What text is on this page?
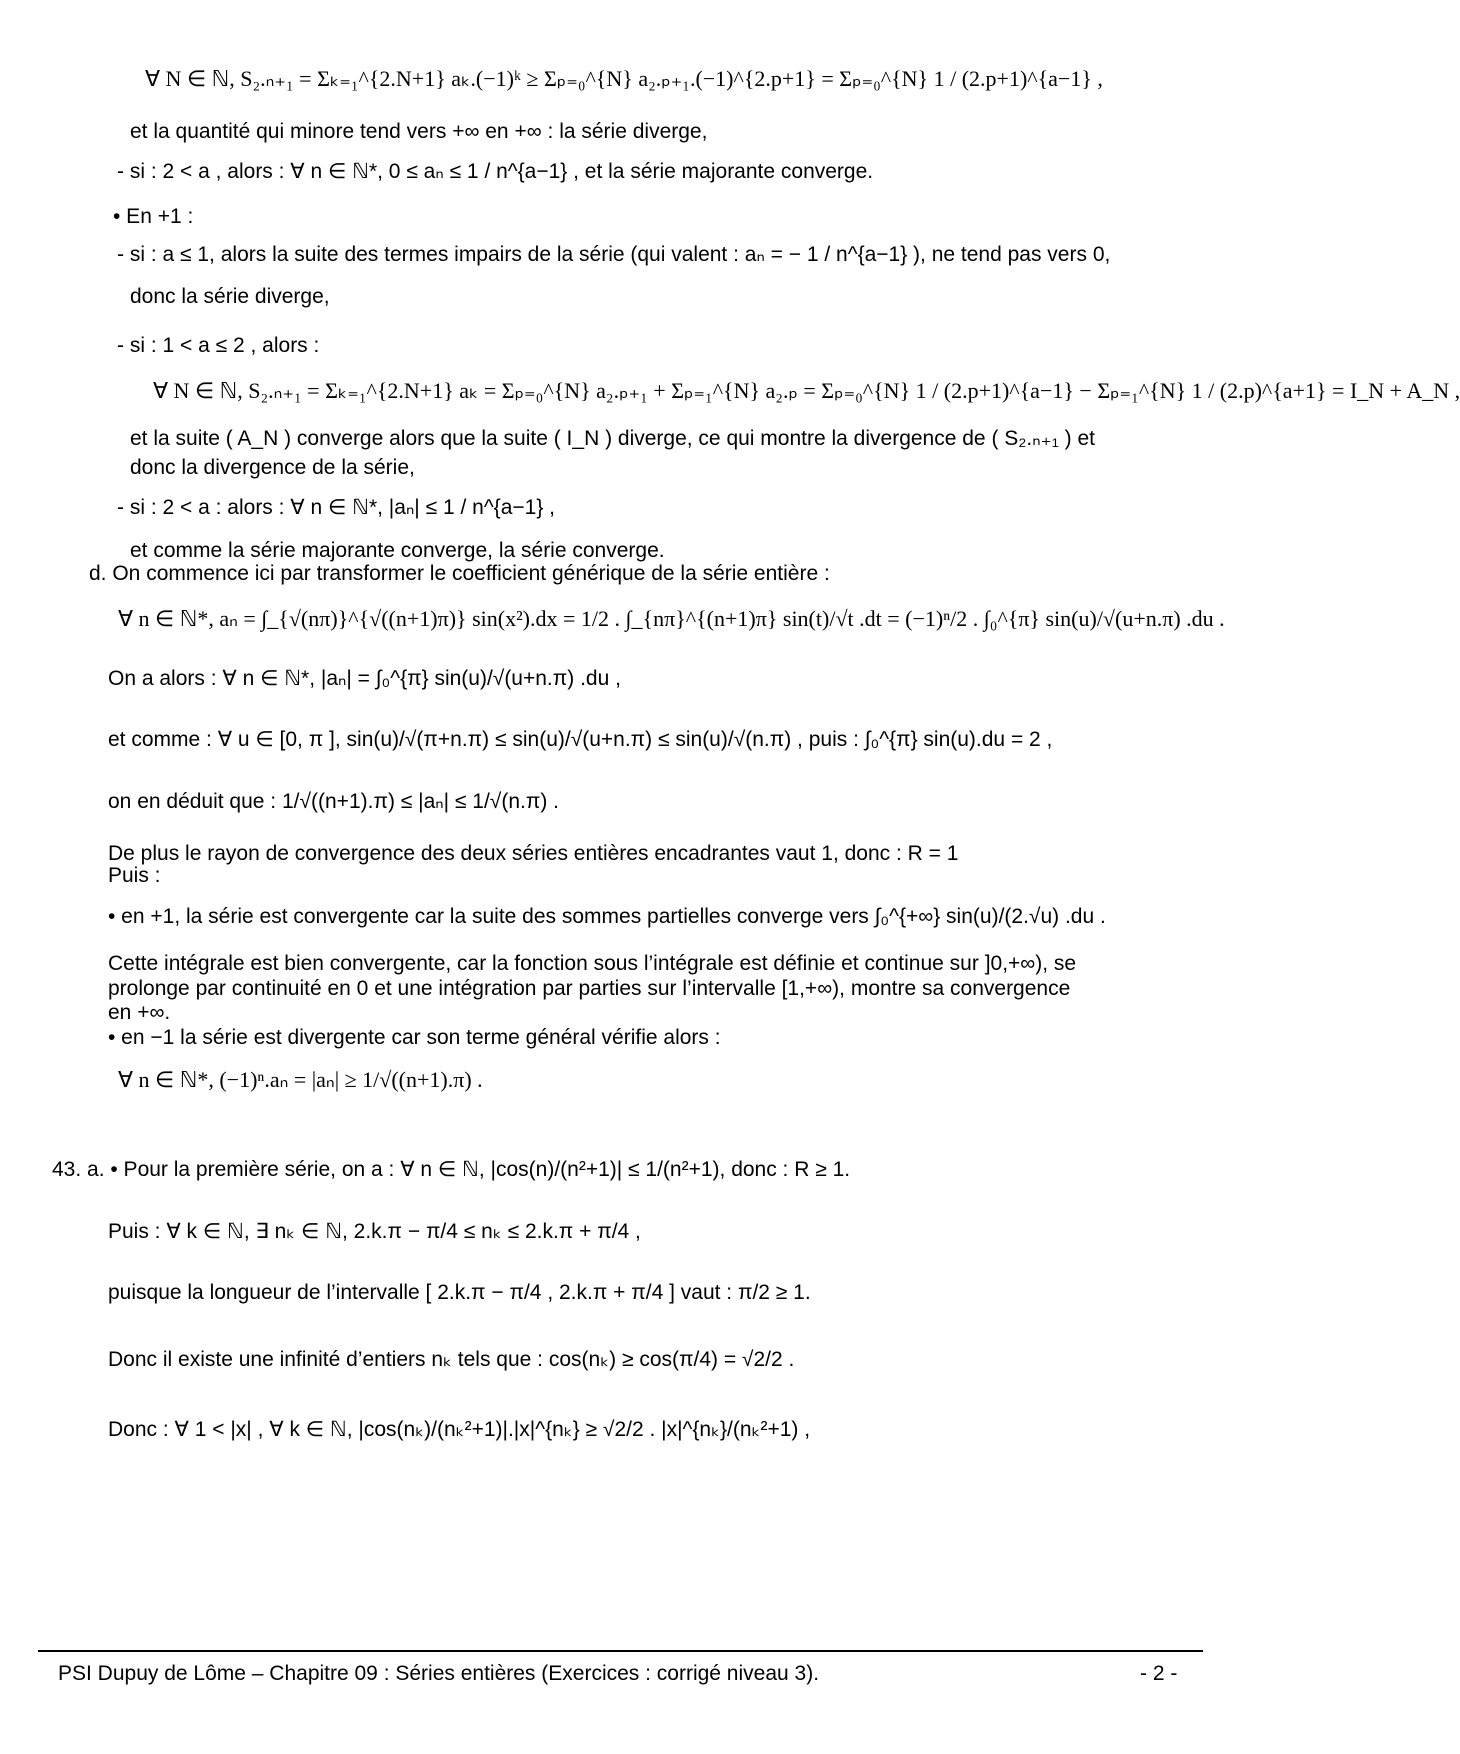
∀ N ∈ ℕ, S₂.ₙ₊₁ = Σₖ₌₁^{2.N+1} aₖ.(−1)ᵏ ≥ Σₚ₌₀^{N} a₂.ₚ₊₁.(−1)^{2.p+1} = Σₚ₌₀^{N} 1 / (2.p+1)^{a−1} ,
et la quantité qui minore tend vers +∞ en +∞ : la série diverge,
- si : 2 < a , alors : ∀ n ∈ ℕ*, 0 ≤ aₙ ≤ 1 / n^{a−1} , et la série majorante converge.
• En +1 :
- si : a ≤ 1, alors la suite des termes impairs de la série (qui valent : aₙ = − 1 / n^{a−1} ), ne tend pas vers 0,
donc la série diverge,
- si : 1 < a ≤ 2 , alors :
∀ N ∈ ℕ, S₂.ₙ₊₁ = Σₖ₌₁^{2.N+1} aₖ = Σₚ₌₀^{N} a₂.ₚ₊₁ + Σₚ₌₁^{N} a₂.ₚ = Σₚ₌₀^{N} 1 / (2.p+1)^{a−1} − Σₚ₌₁^{N} 1 / (2.p)^{a+1} = I_N + A_N ,
et la suite ( A_N ) converge alors que la suite ( I_N ) diverge, ce qui montre la divergence de ( S₂.ₙ₊₁ ) et
donc la divergence de la série,
- si : 2 < a : alors : ∀ n ∈ ℕ*, |aₙ| ≤ 1 / n^{a−1} ,
et comme la série majorante converge, la série converge.
d. On commence ici par transformer le coefficient générique de la série entière :
∀ n ∈ ℕ*, aₙ = ∫_{√(nπ)}^{√((n+1)π)} sin(x²).dx = 1/2 . ∫_{nπ}^{(n+1)π} sin(t)/√t .dt = (−1)ⁿ/2 . ∫₀^{π} sin(u)/√(u+n.π) .du .
On a alors : ∀ n ∈ ℕ*, |aₙ| = ∫₀^{π} sin(u)/√(u+n.π) .du ,
et comme : ∀ u ∈ [0, π ], sin(u)/√(π+n.π) ≤ sin(u)/√(u+n.π) ≤ sin(u)/√(n.π) , puis : ∫₀^{π} sin(u).du = 2 ,
on en déduit que : 1/√((n+1).π) ≤ |aₙ| ≤ 1/√(n.π) .
De plus le rayon de convergence des deux séries entières encadrantes vaut 1, donc : R = 1
Puis :
• en +1, la série est convergente car la suite des sommes partielles converge vers ∫₀^{+∞} sin(u)/(2.√u) .du .
Cette intégrale est bien convergente, car la fonction sous l’intégrale est définie et continue sur ]0,+∞), se
prolonge par continuité en 0 et une intégration par parties sur l’intervalle [1,+∞), montre sa convergence
en +∞.
• en −1 la série est divergente car son terme général vérifie alors :
∀ n ∈ ℕ*, (−1)ⁿ.aₙ = |aₙ| ≥ 1/√((n+1).π) .
43. a. • Pour la première série, on a : ∀ n ∈ ℕ, |cos(n)/(n²+1)| ≤ 1/(n²+1), donc : R ≥ 1.
Puis : ∀ k ∈ ℕ, ∃ nₖ ∈ ℕ, 2.k.π − π/4 ≤ nₖ ≤ 2.k.π + π/4 ,
puisque la longueur de l’intervalle [ 2.k.π − π/4 , 2.k.π + π/4 ] vaut : π/2 ≥ 1.
Donc il existe une infinité d’entiers nₖ tels que : cos(nₖ) ≥ cos(π/4) = √2/2 .
Donc : ∀ 1 < |x| , ∀ k ∈ ℕ, |cos(nₖ)/(nₖ²+1)|.|x|^{nₖ} ≥ √2/2 . |x|^{nₖ}/(nₖ²+1) ,
PSI Dupuy de Lôme – Chapitre 09 : Séries entières (Exercices : corrigé niveau 3).	- 2 -
